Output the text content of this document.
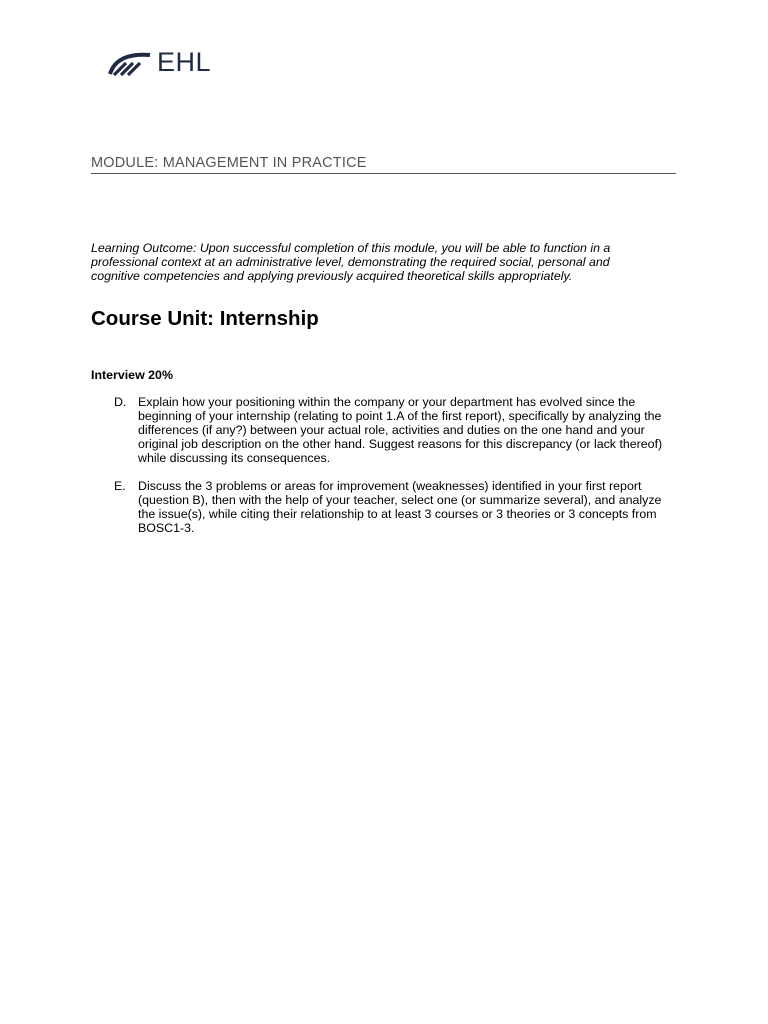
EHL
MODULE: MANAGEMENT IN PRACTICE

Learning Outcome: Upon successful completion of this module, you will be able to function in a professional context at an administrative level, demonstrating the required social, personal and cognitive competencies and applying previously acquired theoretical skills appropriately.

Course Unit: Internship
Interview 20%
D. Explain how your positioning within the company or your department has evolved since the beginning of your internship (relating to point 1.A of the first report), specifically by analyzing the differences (if any?) between your actual role, activities and duties on the one hand and your original job description on the other hand. Suggest reasons for this discrepancy (or lack thereof) while discussing its consequences.
E. Discuss the 3 problems or areas for improvement (weaknesses) identified in your first report (question B), then with the help of your teacher, select one (or summarize several), and analyze the issue(s), while citing their relationship to at least 3 courses or 3 theories or 3 concepts from BOSC1-3.
